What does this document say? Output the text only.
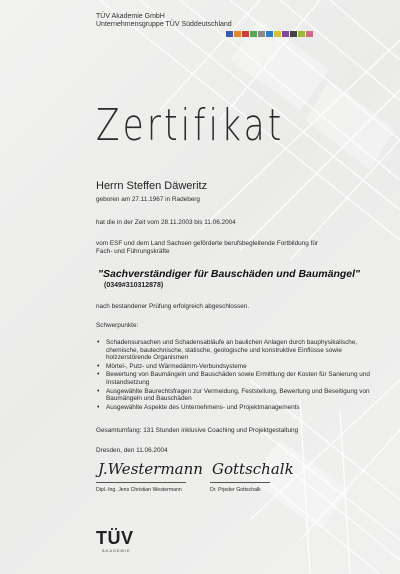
TÜV Akademie GmbH
Unternehmensgruppe TÜV Süddeutschland
Zertifikat
Herrn Steffen Däweritz
geboren am 27.11.1967 in Radeberg
hat die in der Zeit vom 28.11.2003 bis 11.06.2004
vom ESF und dem Land Sachsen geförderte berufsbegleitende Fortbildung für
Fach- und Führungskräfte
"Sachverständiger für Bauschäden und Baumängel"
(0349#310312878)
nach bestandener Prüfung erfolgreich abgeschlossen.
Schwerpunkte:
• Schadensursachen und Schadensabläufe an baulichen Anlagen durch bauphysikalische, chemische, bautechnische, statische, geologische und konstruktive Einflüsse sowie holzzerstörende Organismen
• Mörtel-, Putz- und Wärmedämm-Verbundsysteme
• Bewertung von Baumängeln und Bauschäden sowie Ermittlung der Kosten für Sanierung und Instandsetzung
• Ausgewählte Baurechtsfragen zur Vermeidung, Feststellung, Bewertung und Beseitigung von Baumängeln und Bauschäden
• Ausgewählte Aspekte des Unternehmens- und Projektmanagements
Gesamtumfang: 131 Stunden inklusive Coaching und Projektgestaltung
Dresden, den 11.06.2004
J.Westermann
Dipl.-Ing. Jens Christian Westermann
Gottschalk
Dr. Prjeder Gottschalk
TÜV
AKADEMIE
